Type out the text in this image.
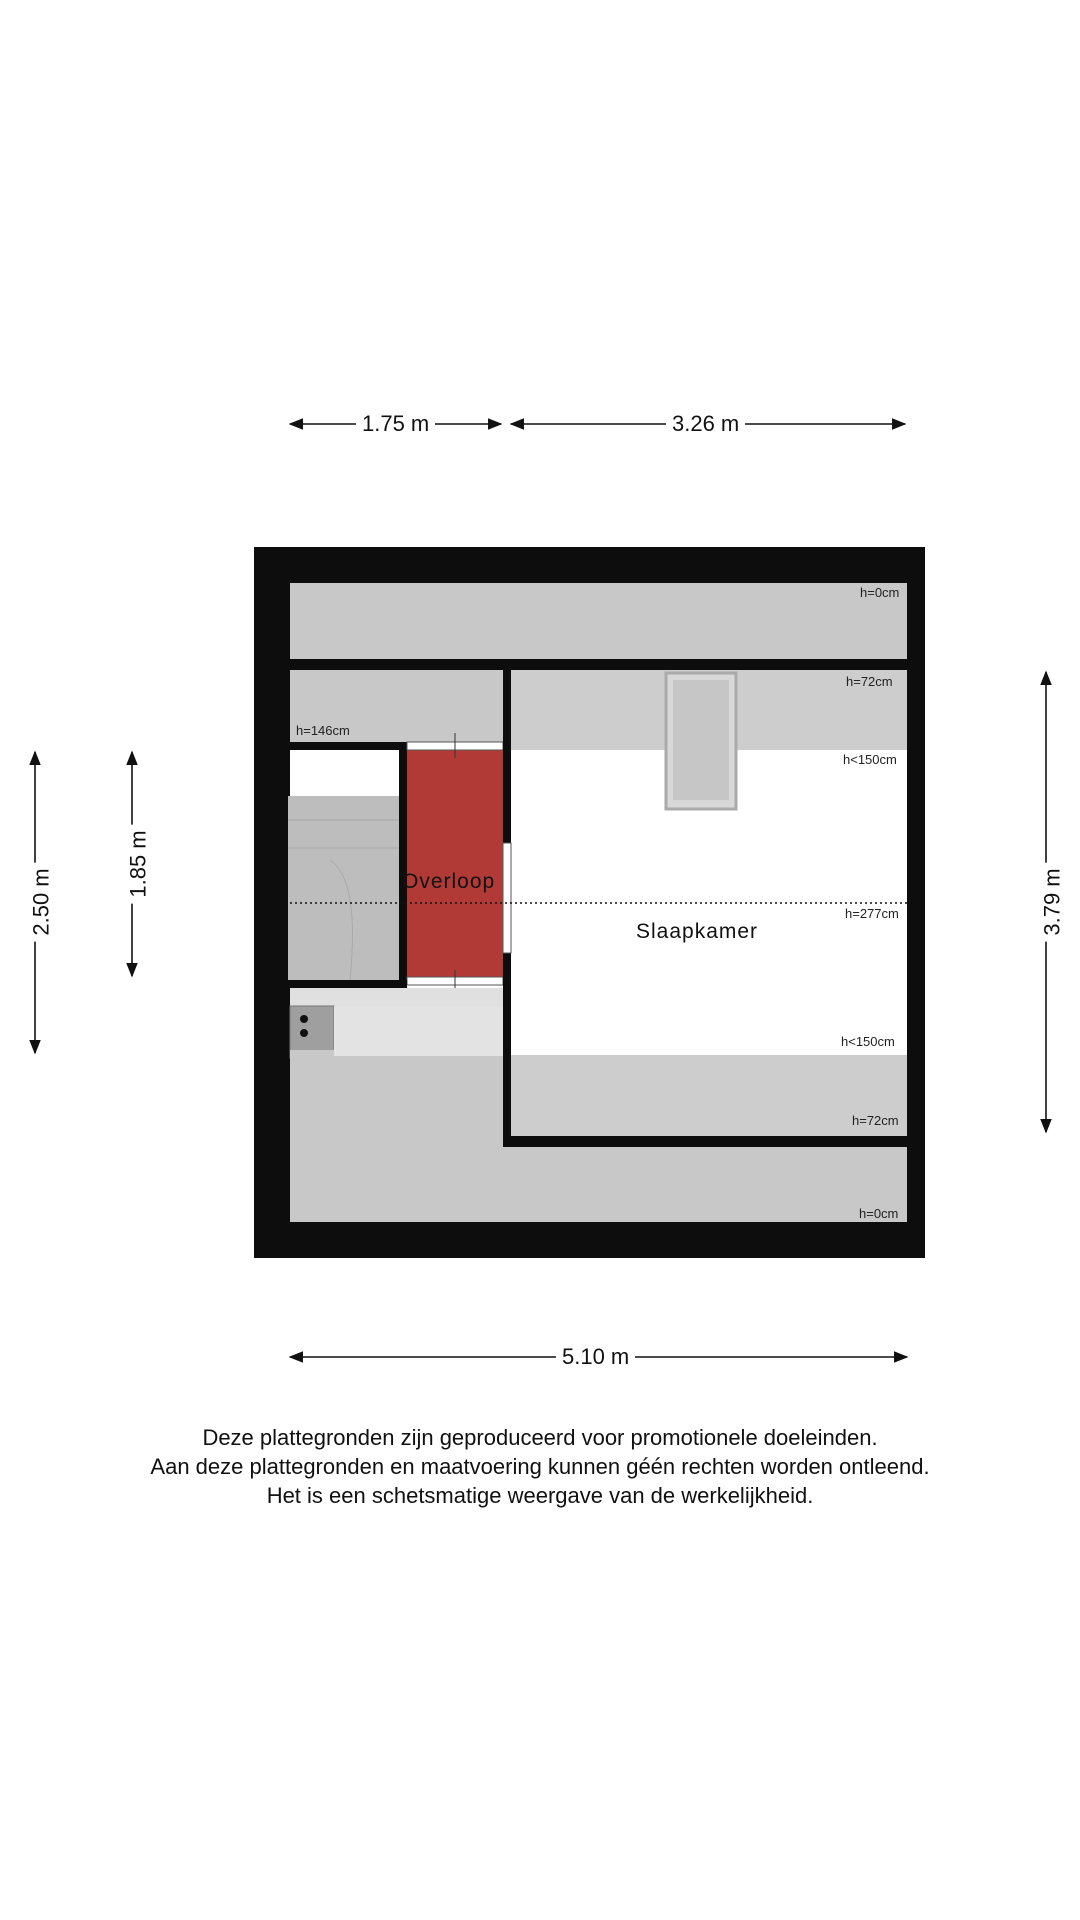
1.75 m	3.26 m
5.10 m
2.50 m
1.85 m
3.79 m
h=0cm
h=72cm
h=146cm
h<150cm
h=277cm
h<150cm
h=72cm
h=0cm
Overloop
Slaapkamer
Deze plattegronden zijn geproduceerd voor promotionele doeleinden.
Aan deze plattegronden en maatvoering kunnen géén rechten worden ontleend.
Het is een schetsmatige weergave van de werkelijkheid.
